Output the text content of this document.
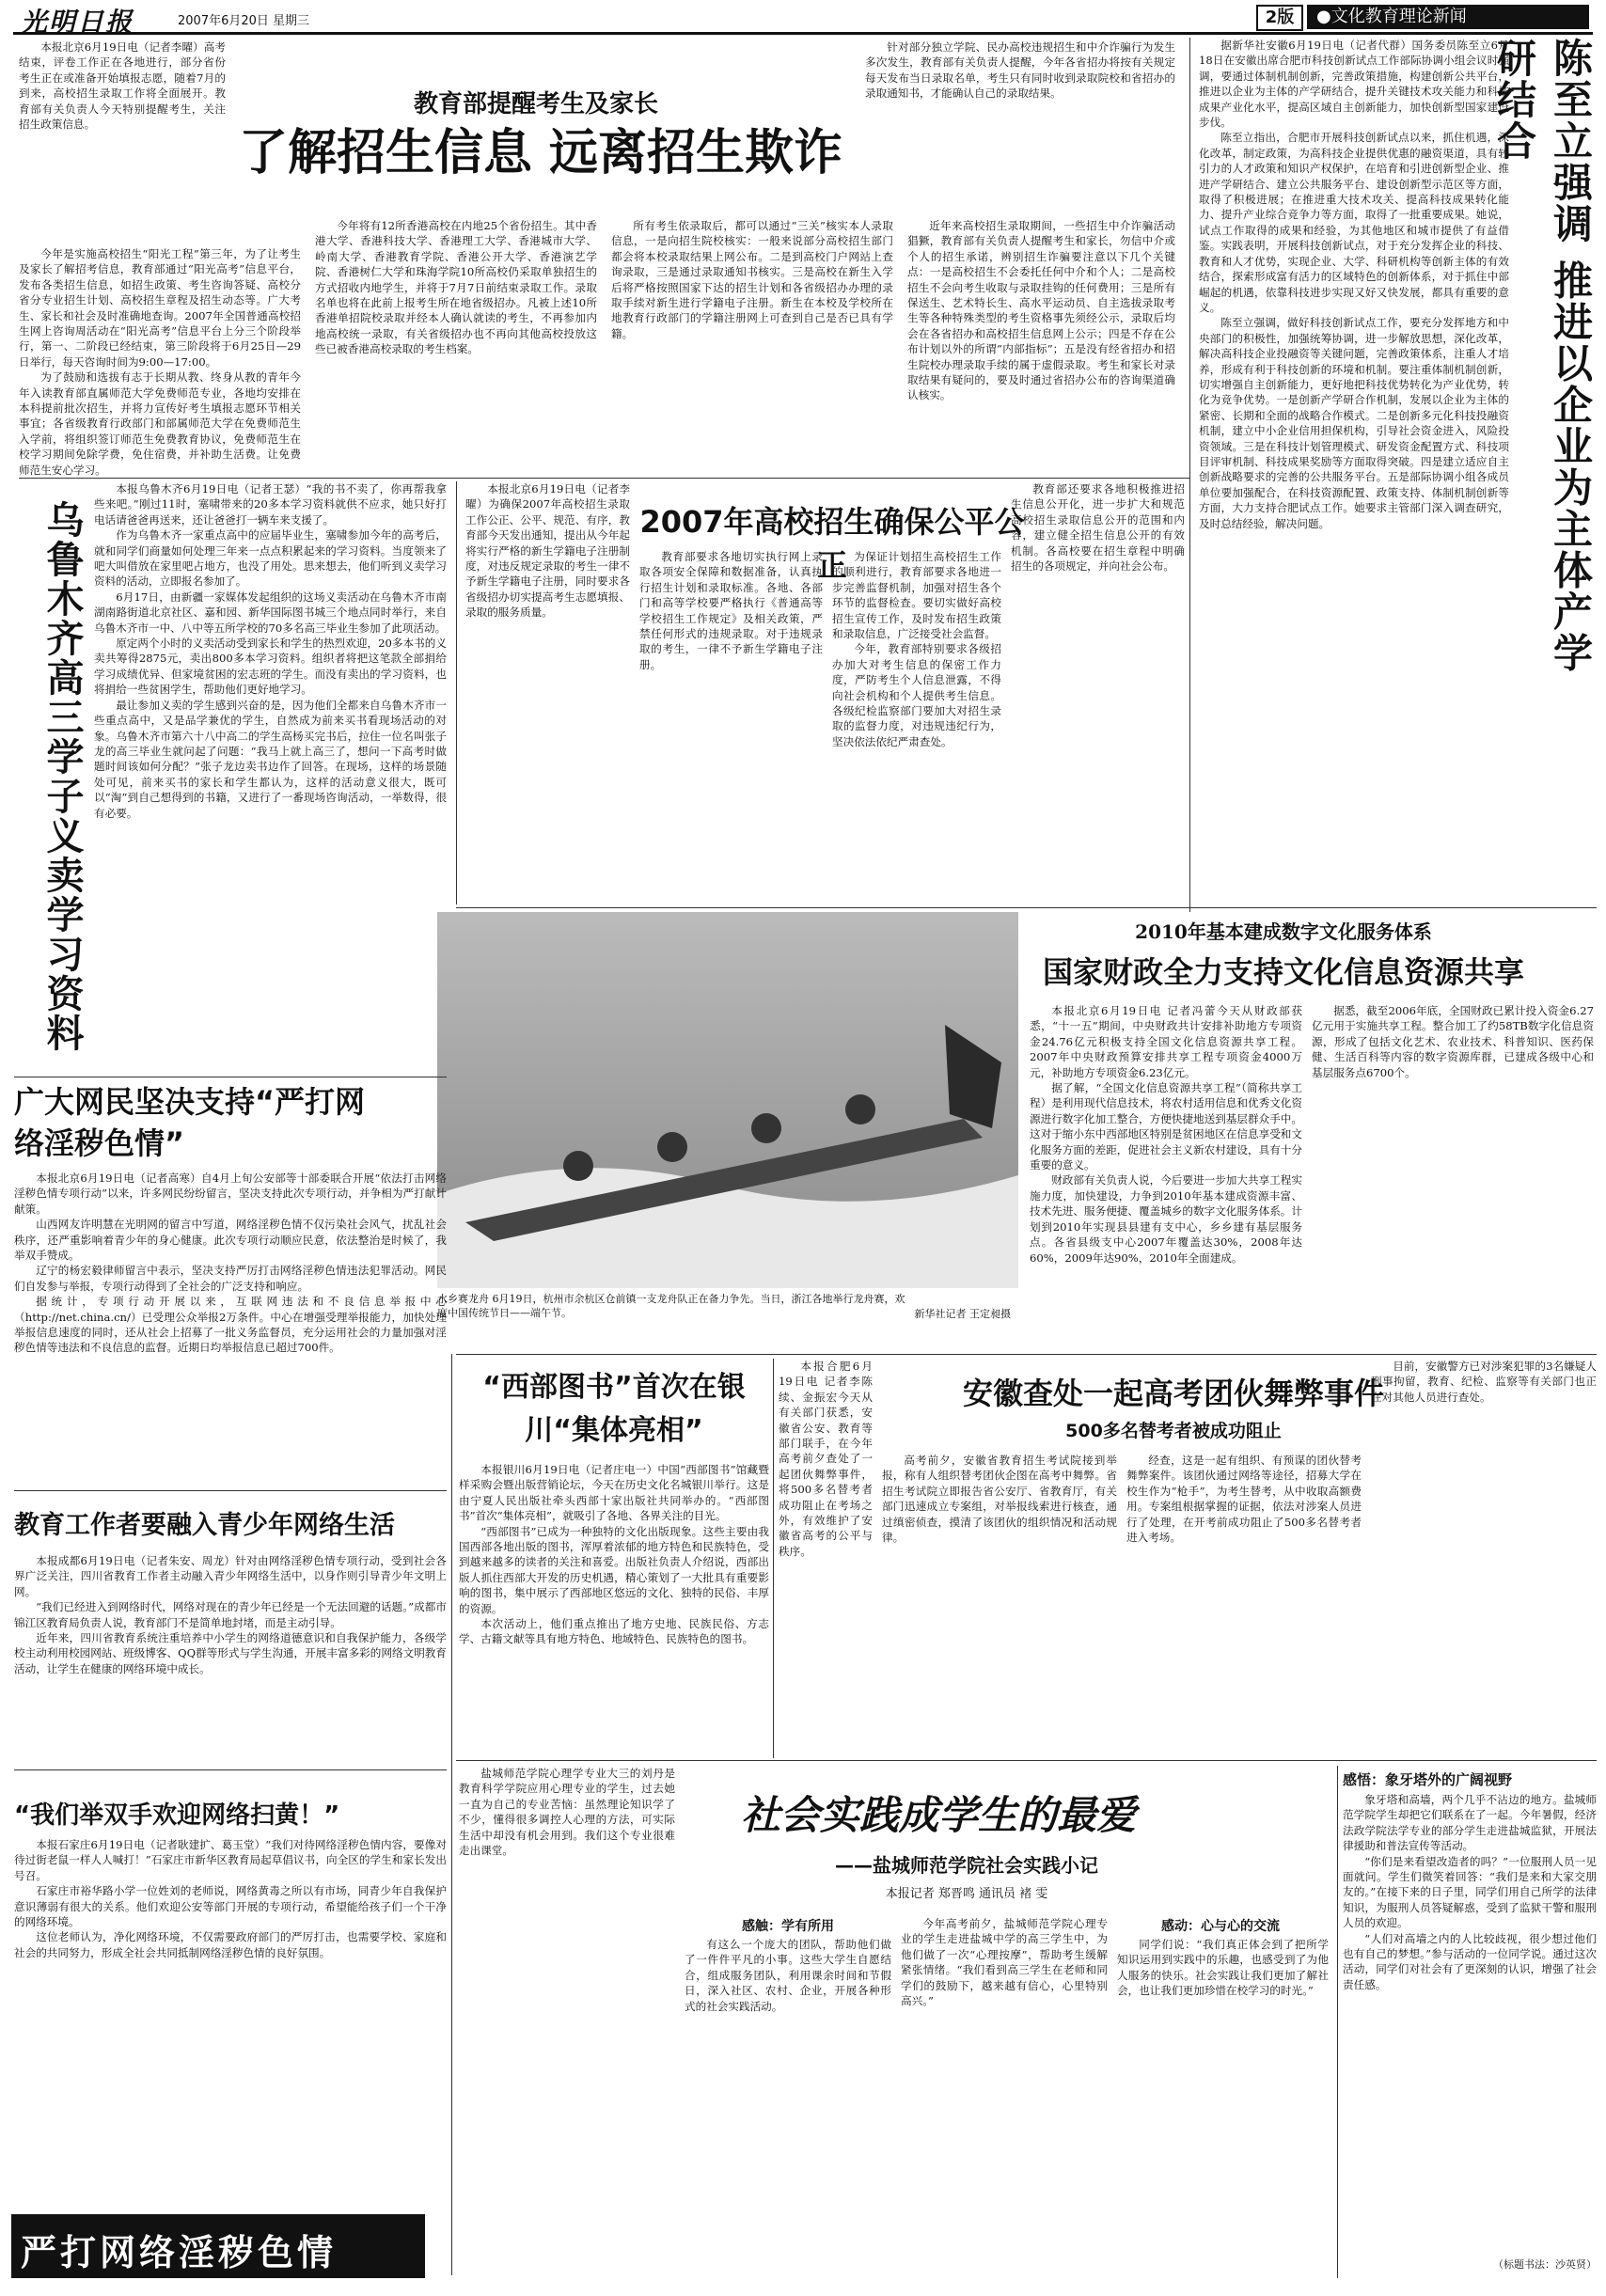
光明日报	2007年6月20日 星期三	2版	●文化教育理论新闻
教育部提醒考生及家长
了解招生信息 远离招生欺诈

本报北京6月19日电（记者李曜）高考结束，评卷工作正在各地进行，部分省份考生正在或准备开始填报志愿，随着7月的到来，高校招生录取工作将全面展开。教育部有关负责人今天特别提醒考生，关注招生政策信息。

今年是实施高校招生“阳光工程”第三年，为了让考生及家长了解招考信息，教育部通过“阳光高考”信息平台，发布各类招生信息，如招生政策、考生咨询答疑、高校分省分专业招生计划、高校招生章程及招生动态等。广大考生、家长和社会及时准确地查询。2007年全国普通高校招生网上咨询周活动在“阳光高考”信息平台上分三个阶段举行，第一、二阶段已经结束，第三阶段将于6月25日—29日举行，每天咨询时间为9:00—17:00。

为了鼓励和选拔有志于长期从教、终身从教的青年今年入读教育部直属师范大学免费师范专业，各地均安排在本科提前批次招生，并将力宣传好考生填报志愿环节相关事宜；各省级教育行政部门和部属师范大学在免费师范生入学前，将组织签订师范生免费教育协议，免费师范生在校学习期间免除学费，免住宿费，并补助生活费。让免费师范生安心学习。

今年将有12所香港高校在内地25个省份招生。其中香港大学、香港科技大学、香港理工大学、香港城市大学、岭南大学、香港教育学院、香港公开大学、香港演艺学院、香港树仁大学和珠海学院10所高校仍采取单独招生的方式招收内地学生，并将于7月7日前结束录取工作。录取名单也将在此前上报考生所在地省级招办。凡被上述10所香港单招院校录取并经本人确认就读的考生，不再参加内地高校统一录取，有关省级招办也不再向其他高校投放这些已被香港高校录取的考生档案。

所有考生依录取后，都可以通过“三关”核实本人录取信息，一是向招生院校核实：一般来说部分高校招生部门都会将本校录取结果上网公布。二是到高校门户网站上查询录取，三是通过录取通知书核实。三是高校在新生入学后将严格按照国家下达的招生计划和各省级招办办理的录取手续对新生进行学籍电子注册。新生在本校及学校所在地教育行政部门的学籍注册网上可查到自己是否已具有学籍。

针对部分独立学院、民办高校违规招生和中介诈骗行为发生多次发生，教育部有关负责人提醒，今年各省招办将按有关规定每天发布当日录取名单，考生只有同时收到录取院校和省招办的录取通知书，才能确认自己的录取结果。

近年来高校招生录取期间，一些招生中介诈骗活动猖獗，教育部有关负责人提醒考生和家长，勿信中介或个人的招生承诺，辨别招生诈骗要注意以下几个关键点：一是高校招生不会委托任何中介和个人；二是高校招生不会向考生收取与录取挂钩的任何费用；三是所有保送生、艺术特长生、高水平运动员、自主选拔录取考生等各种特殊类型的考生资格事先须经公示，录取后均会在各省招办和高校招生信息网上公示；四是不存在公布计划以外的所谓“内部指标”；五是没有经省招办和招生院校办理录取手续的属于虚假录取。考生和家长对录取结果有疑问的，要及时通过省招办公布的咨询渠道确认核实。	陈至立强调 推进以企业为主体产学研结合

据新华社安徽6月19日电（记者代群）国务委员陈至立6月18日在安徽出席合肥市科技创新试点工作部际协调小组会议时强调，要通过体制机制创新，完善政策措施，构建创新公共平台，推进以企业为主体的产学研结合，提升关键技术攻关能力和科技成果产业化水平，提高区域自主创新能力，加快创新型国家建设步伐。

陈至立指出，合肥市开展科技创新试点以来，抓住机遇，深化改革，制定政策，为高科技企业提供优惠的融资渠道，具有较引力的人才政策和知识产权保护，在培育和引进创新型企业、推进产学研结合、建立公共服务平台、建设创新型示范区等方面，取得了积极进展；在推进重大技术攻关、提高科技成果转化能力、提升产业综合竞争力等方面，取得了一批重要成果。她说，试点工作取得的成果和经验，为其他地区和城市提供了有益借鉴。实践表明，开展科技创新试点，对于充分发挥企业的科技、教育和人才优势，实现企业、大学、科研机构等创新主体的有效结合，探索形成富有活力的区域特色的创新体系，对于抓住中部崛起的机遇，依靠科技进步实现又好又快发展，都具有重要的意义。

陈至立强调，做好科技创新试点工作，要充分发挥地方和中央部门的积极性，加强统筹协调，进一步解放思想，深化改革，解决高科技企业投融资等关键问题，完善政策体系，注重人才培养，形成有利于科技创新的环境和机制。要注重体制机制创新，切实增强自主创新能力，更好地把科技优势转化为产业优势，转化为竞争优势。一是创新产学研合作机制，发展以企业为主体的紧密、长期和全面的战略合作模式。二是创新多元化科技投融资机制，建立中小企业信用担保机构，引导社会资金进入，风险投资领域。三是在科技计划管理模式、研发资金配置方式、科技项目评审机制、科技成果奖励等方面取得突破。四是建立适应自主创新战略要求的完善的公共服务平台。五是部际协调小组各成员单位要加强配合，在科技资源配置、政策支持、体制机制创新等方面，大力支持合肥试点工作。她要求主管部门深入调查研究，及时总结经验，解决问题。

乌鲁木齐高三学子义卖学习资料

本报乌鲁木齐6月19日电（记者王瑟）“我的书不卖了，你再帮我拿些来吧。”刚过11时，塞啸带来的20多本学习资料就供不应求，她只好打电话请爸爸再送来，还让爸爸打一辆车来支援了。

作为乌鲁木齐一家重点高中的应届毕业生，塞啸参加今年的高考后，就和同学们商量如何处理三年来一点点积累起来的学习资料。当度领来了吧大叫借放在家里吧占地方，也没了用处。思来想去，他们听到义卖学习资料的活动，立即报名参加了。

6月17日，由新疆一家媒体发起组织的这场义卖活动在乌鲁木齐市南湖南路街道北京社区、嘉和园、新华国际图书城三个地点同时举行，来自乌鲁木齐市一中、八中等五所学校的70多名高三毕业生参加了此项活动。

原定两个小时的义卖活动受到家长和学生的热烈欢迎，20多本书的义卖共筹得2875元，卖出800多本学习资料。组织者将把这笔款全部捐给学习成绩优异、但家境贫困的宏志班的学生。而没有卖出的学习资料，也将捐给一些贫困学生，帮助他们更好地学习。

最让参加义卖的学生感到兴奋的是，因为他们全都来自乌鲁木齐市一些重点高中，又是品学兼优的学生，自然成为前来买书看现场活动的对象。乌鲁木齐市第六十八中高二的学生高杨买完书后，拉住一位名叫张子龙的高三毕业生就问起了问题：“我马上就上高三了，想问一下高考时做题时间该如何分配？”张子龙边卖书边作了回答。在现场，这样的场景随处可见，前来买书的家长和学生都认为，这样的活动意义很大，既可以“淘”到自己想得到的书籍，又进行了一番现场咨询活动，一举数得，很有必要。

2007年高校招生确保公平公正

本报北京6月19日电（记者李曜）为确保2007年高校招生录取工作公正、公平、规范、有序，教育部今天发出通知，提出从今年起将实行严格的新生学籍电子注册制度，对违反规定录取的考生一律不予新生学籍电子注册，同时要求各省级招办切实提高考生志愿填报、录取的服务质量。

教育部要求各地切实执行网上录取各项安全保障和数据准备，认真执行招生计划和录取标准。各地、各部门和高等学校要严格执行《普通高等学校招生工作规定》及相关政策，严禁任何形式的违规录取。对于违规录取的考生，一律不予新生学籍电子注册。

为保证计划招生高校招生工作的顺利进行，教育部要求各地进一步完善监督机制，加强对招生各个环节的监督检查。要切实做好高校招生宣传工作，及时发布招生政策和录取信息，广泛接受社会监督。

今年，教育部特别要求各级招办加大对考生信息的保密工作力度，严防考生个人信息泄露，不得向社会机构和个人提供考生信息。各级纪检监察部门要加大对招生录取的监督力度，对违规违纪行为，坚决依法依纪严肃查处。

教育部还要求各地积极推进招生信息公开化，进一步扩大和规范高校招生录取信息公开的范围和内容，建立健全招生信息公开的有效机制。各高校要在招生章程中明确招生的各项规定，并向社会公布。

水乡赛龙舟 6月19日，杭州市余杭区仓前镇一支龙舟队正在备力争先。当日，浙江各地举行龙舟赛，欢度中国传统节日——端午节。	新华社记者 王定昶摄
2010年基本建成数字文化服务体系
国家财政全力支持文化信息资源共享

本报北京6月19日电 记者冯蕾今天从财政部获悉，“十一五”期间，中央财政共计安排补助地方专项资金24.76亿元积极支持全国文化信息资源共享工程。2007年中央财政预算安排共享工程专项资金4000万元，补助地方专项资金6.23亿元。

据了解，“全国文化信息资源共享工程”（简称共享工程）是利用现代信息技术，将农村适用信息和优秀文化资源进行数字化加工整合，方便快捷地送到基层群众手中。这对于缩小东中西部地区特别是贫困地区在信息享受和文化服务方面的差距，促进社会主义新农村建设，具有十分重要的意义。

财政部有关负责人说，今后要进一步加大共享工程实施力度，加快建设，力争到2010年基本建成资源丰富、技术先进、服务便捷、覆盖城乡的数字文化服务体系。计划到2010年实现县县建有支中心，乡乡建有基层服务点。各省县级支中心2007年覆盖达30%，2008年达60%，2009年达90%，2010年全面建成。

据悉，截至2006年底，全国财政已累计投入资金6.27亿元用于实施共享工程。整合加工了约58TB数字化信息资源，形成了包括文化艺术、农业技术、科普知识、医药保健、生活百科等内容的数字资源库群，已建成各级中心和基层服务点6700个。

广大网民坚决支持“严打网络淫秽色情”

本报北京6月19日电（记者高寒）自4月上旬公安部等十部委联合开展“依法打击网络淫秽色情专项行动”以来，许多网民纷纷留言，坚决支持此次专项行动，并争相为严打献计献策。

山西网友许明慧在光明网的留言中写道，网络淫秽色情不仅污染社会风气，扰乱社会秩序，还严重影响着青少年的身心健康。此次专项行动顺应民意，依法整治是时候了，我举双手赞成。

辽宁的杨宏毅律师留言中表示，坚决支持严厉打击网络淫秽色情违法犯罪活动。网民们自发参与举报，专项行动得到了全社会的广泛支持和响应。

据统计，专项行动开展以来，互联网违法和不良信息举报中心（http://net.china.cn/）已受理公众举报2万条件。中心在增强受理举报能力，加快处理举报信息速度的同时，还从社会上招募了一批义务监督员，充分运用社会的力量加强对淫秽色情等违法和不良信息的监督。近期日均举报信息已超过700件。

教育工作者要融入青少年网络生活

本报成都6月19日电（记者朱安、周龙）针对由网络淫秽色情专项行动，受到社会各界广泛关注，四川省教育工作者主动融入青少年网络生活中，以身作则引导青少年文明上网。

“我们已经进入到网络时代，网络对现在的青少年已经是一个无法回避的话题。”成都市锦江区教育局负责人说，教育部门不是简单地封堵，而是主动引导。

近年来，四川省教育系统注重培养中小学生的网络道德意识和自我保护能力，各级学校主动利用校园网站、班级博客、QQ群等形式与学生沟通，开展丰富多彩的网络文明教育活动，让学生在健康的网络环境中成长。

“我们举双手欢迎网络扫黄！”

本报石家庄6月19日电（记者耿建扩、葛玉堂）“我们对待网络淫秽色情内容，要像对待过街老鼠一样人人喊打！”石家庄市新华区教育局起草倡议书，向全区的学生和家长发出号召。

石家庄市裕华路小学一位姓刘的老师说，网络黄毒之所以有市场，同青少年自我保护意识薄弱有很大的关系。他们欢迎公安等部门开展的专项行动，希望能给孩子们一个干净的网络环境。

这位老师认为，净化网络环境，不仅需要政府部门的严厉打击，也需要学校、家庭和社会的共同努力，形成全社会共同抵制网络淫秽色情的良好氛围。

严打网络淫秽色情
“西部图书”首次在银川“集体亮相”

本报银川6月19日电（记者庄电一）中国“西部图书”馆藏暨样采购会暨出版营销论坛，今天在历史文化名城银川举行。这是由宁夏人民出版社牵头西部十家出版社共同举办的。“西部图书”首次“集体亮相”，就吸引了各地、各界关注的目光。

“西部图书”已成为一种独特的文化出版现象。这些主要由我国西部各地出版的图书，浑厚着浓郁的地方特色和民族特色，受到越来越多的读者的关注和喜爱。出版社负责人介绍说，西部出版人抓住西部大开发的历史机遇，精心策划了一大批具有重要影响的图书，集中展示了西部地区悠远的文化、独特的民俗、丰厚的资源。

本次活动上，他们重点推出了地方史地、民族民俗、方志学、古籍文献等具有地方特色、地域特色、民族特色的图书。

本报合肥6月19日电 记者李陈续、金振宏今天从有关部门获悉，安徽省公安、教育等部门联手，在今年高考前夕查处了一起团伙舞弊事件，将500多名替考者成功阻止在考场之外，有效维护了安徽省高考的公平与秩序。

安徽查处一起高考团伙舞弊事件
500多名替考者被成功阻止

高考前夕，安徽省教育招生考试院接到举报，称有人组织替考团伙企图在高考中舞弊。省招生考试院立即报告省公安厅、省教育厅，有关部门迅速成立专案组，对举报线索进行核查，通过缜密侦查，摸清了该团伙的组织情况和活动规律。

经查，这是一起有组织、有预谋的团伙替考舞弊案件。该团伙通过网络等途径，招募大学在校生作为“枪手”，为考生替考，从中收取高额费用。专案组根据掌握的证据，依法对涉案人员进行了处理，在开考前成功阻止了500多名替考者进入考场。

目前，安徽警方已对涉案犯罪的3名嫌疑人刑事拘留，教育、纪检、监察等有关部门也正在对其他人员进行查处。

社会实践成学生的最爱
——盐城师范学院社会实践小记
本报记者 郑晋鸣 通讯员 褚 雯

盐城师范学院心理学专业大三的刘丹是教育科学学院应用心理专业的学生，过去她一直为自己的专业苦恼：虽然理论知识学了不少，懂得很多调控人心理的方法，可实际生活中却没有机会用到。我们这个专业很难走出课堂。

感触：学有所用

有这么一个庞大的团队，帮助他们做了一件件平凡的小事。这些大学生自愿结合，组成服务团队，利用课余时间和节假日，深入社区、农村、企业，开展各种形式的社会实践活动。

今年高考前夕，盐城师范学院心理专业的学生走进盐城中学的高三学生中，为他们做了一次“心理按摩”，帮助考生缓解紧张情绪。“我们看到高三学生在老师和同学们的鼓励下，越来越有信心，心里特别高兴。”

感动：心与心的交流

同学们说：“我们真正体会到了把所学知识运用到实践中的乐趣，也感受到了为他人服务的快乐。社会实践让我们更加了解社会，也让我们更加珍惜在校学习的时光。”

感悟：象牙塔外的广阔视野

象牙塔和高墙，两个几乎不沾边的地方。盐城师范学院学生却把它们联系在了一起。今年暑假，经济法政学院法学专业的部分学生走进盐城监狱，开展法律援助和普法宣传等活动。

“你们是来看望改造者的吗？”一位服刑人员一见面就问。学生们微笑着回答：“我们是来和大家交朋友的。”在接下来的日子里，同学们用自己所学的法律知识，为服刑人员答疑解惑，受到了监狱干警和服刑人员的欢迎。

“人们对高墙之内的人比较歧视，很少想过他们也有自己的梦想。”参与活动的一位同学说。通过这次活动，同学们对社会有了更深刻的认识，增强了社会责任感。

（标题书法：沙英贤）
